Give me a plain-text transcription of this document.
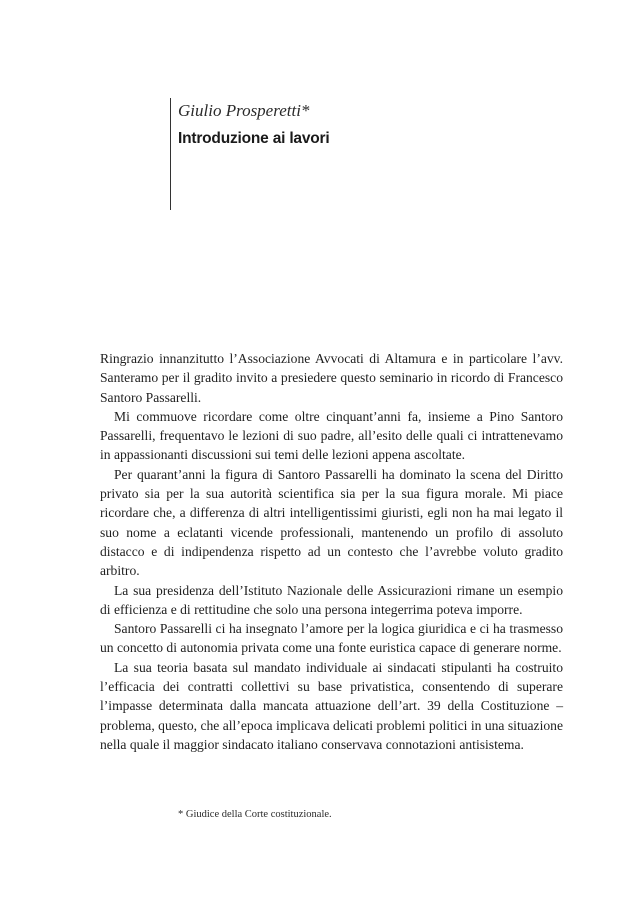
Giulio Prosperetti*
Introduzione ai lavori

Ringrazio innanzitutto l’Associazione Avvocati di Altamura e in particolare l’avv. Santeramo per il gradito invito a presiedere questo seminario in ricordo di Francesco Santoro Passarelli.

Mi commuove ricordare come oltre cinquant’anni fa, insieme a Pino Santoro Passarelli, frequentavo le lezioni di suo padre, all’esito delle quali ci intrattenevamo in appassionanti discussioni sui temi delle lezioni appena ascoltate.

Per quarant’anni la figura di Santoro Passarelli ha dominato la scena del Diritto privato sia per la sua autorità scientifica sia per la sua figura morale. Mi piace ricordare che, a differenza di altri intelligentissimi giuristi, egli non ha mai legato il suo nome a eclatanti vicende professionali, mantenendo un profilo di assoluto distacco e di indipendenza rispetto ad un contesto che l’avrebbe voluto gradito arbitro.

La sua presidenza dell’Istituto Nazionale delle Assicurazioni rimane un esempio di efficienza e di rettitudine che solo una persona integerrima poteva imporre.

Santoro Passarelli ci ha insegnato l’amore per la logica giuridica e ci ha trasmesso un concetto di autonomia privata come una fonte euristica capace di generare norme.

La sua teoria basata sul mandato individuale ai sindacati stipulanti ha costruito l’efficacia dei contratti collettivi su base privatistica, consentendo di superare l’impasse determinata dalla mancata attuazione dell’art. 39 della Costituzione – problema, questo, che all’epoca implicava delicati problemi politici in una situazione nella quale il maggior sindacato italiano conservava connotazioni antisistema.

* Giudice della Corte costituzionale.
